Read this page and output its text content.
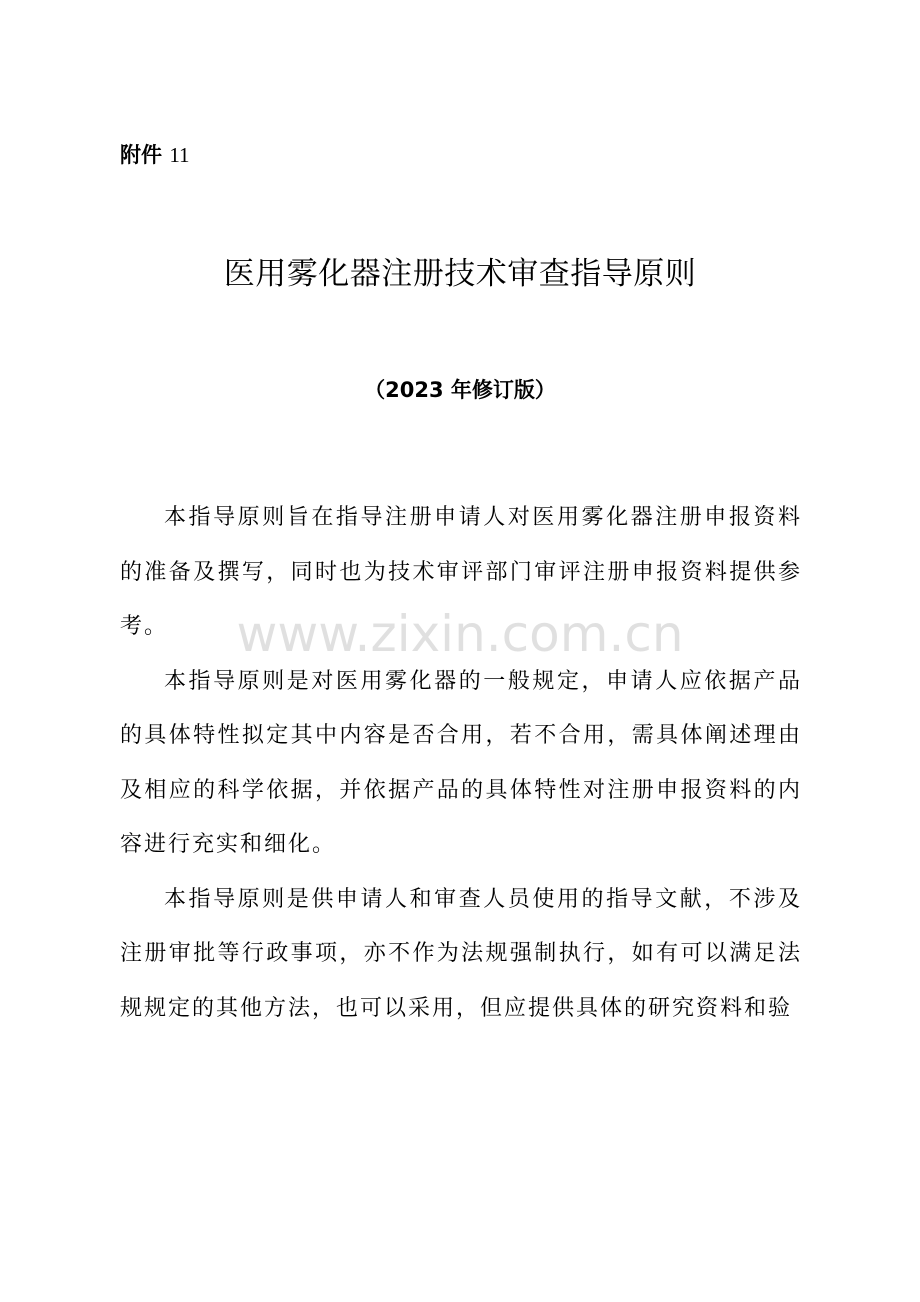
附件 11

医用雾化器注册技术审查指导原则

（2023 年修订版）

本指导原则旨在指导注册申请人对医用雾化器注册申报资料的准备及撰写，同时也为技术审评部门审评注册申报资料提供参考。

本指导原则是对医用雾化器的一般规定，申请人应依据产品的具体特性拟定其中内容是否合用，若不合用，需具体阐述理由及相应的科学依据，并依据产品的具体特性对注册申报资料的内容进行充实和细化。

本指导原则是供申请人和审查人员使用的指导文献，不涉及注册审批等行政事项，亦不作为法规强制执行，如有可以满足法规规定的其他方法，也可以采用，但应提供具体的研究资料和验

www.zixin.com.cn
